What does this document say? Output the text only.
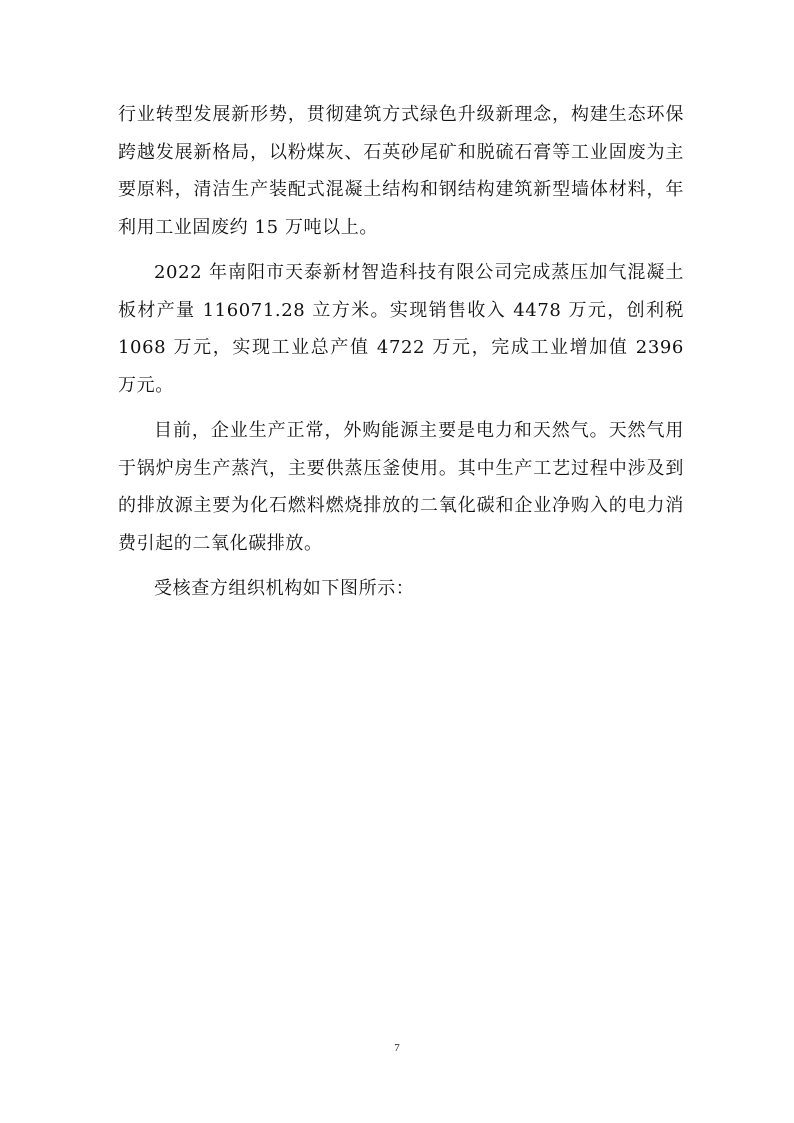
行业转型发展新形势，贯彻建筑方式绿色升级新理念，构建生态环保跨越发展新格局，以粉煤灰、石英砂尾矿和脱硫石膏等工业固废为主要原料，清洁生产装配式混凝土结构和钢结构建筑新型墙体材料，年利用工业固废约 15 万吨以上。

2022 年南阳市天泰新材智造科技有限公司完成蒸压加气混凝土板材产量 116071.28 立方米。实现销售收入 4478 万元，创利税 1068 万元，实现工业总产值 4722 万元，完成工业增加值 2396 万元。

目前，企业生产正常，外购能源主要是电力和天然气。天然气用于锅炉房生产蒸汽，主要供蒸压釜使用。其中生产工艺过程中涉及到的排放源主要为化石燃料燃烧排放的二氧化碳和企业净购入的电力消费引起的二氧化碳排放。

受核查方组织机构如下图所示：

7
